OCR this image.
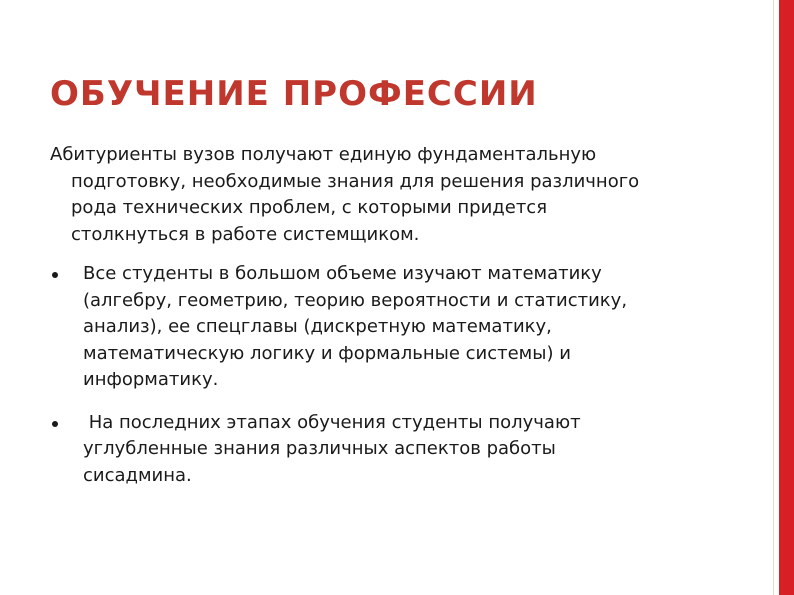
ОБУЧЕНИЕ ПРОФЕССИИ

Абитуриенты вузов получают единую фундаментальную
подготовку, необходимые знания для решения различного
рода технических проблем, с которыми придется
столкнуться в работе системщиком.

Все студенты в большом объеме изучают математику
(алгебру, геометрию, теорию вероятности и статистику,
анализ), ее спецглавы (дискретную математику,
математическую логику и формальные системы) и
информатику.
На последних этапах обучения студенты получают
углубленные знания различных аспектов работы
сисадмина.
